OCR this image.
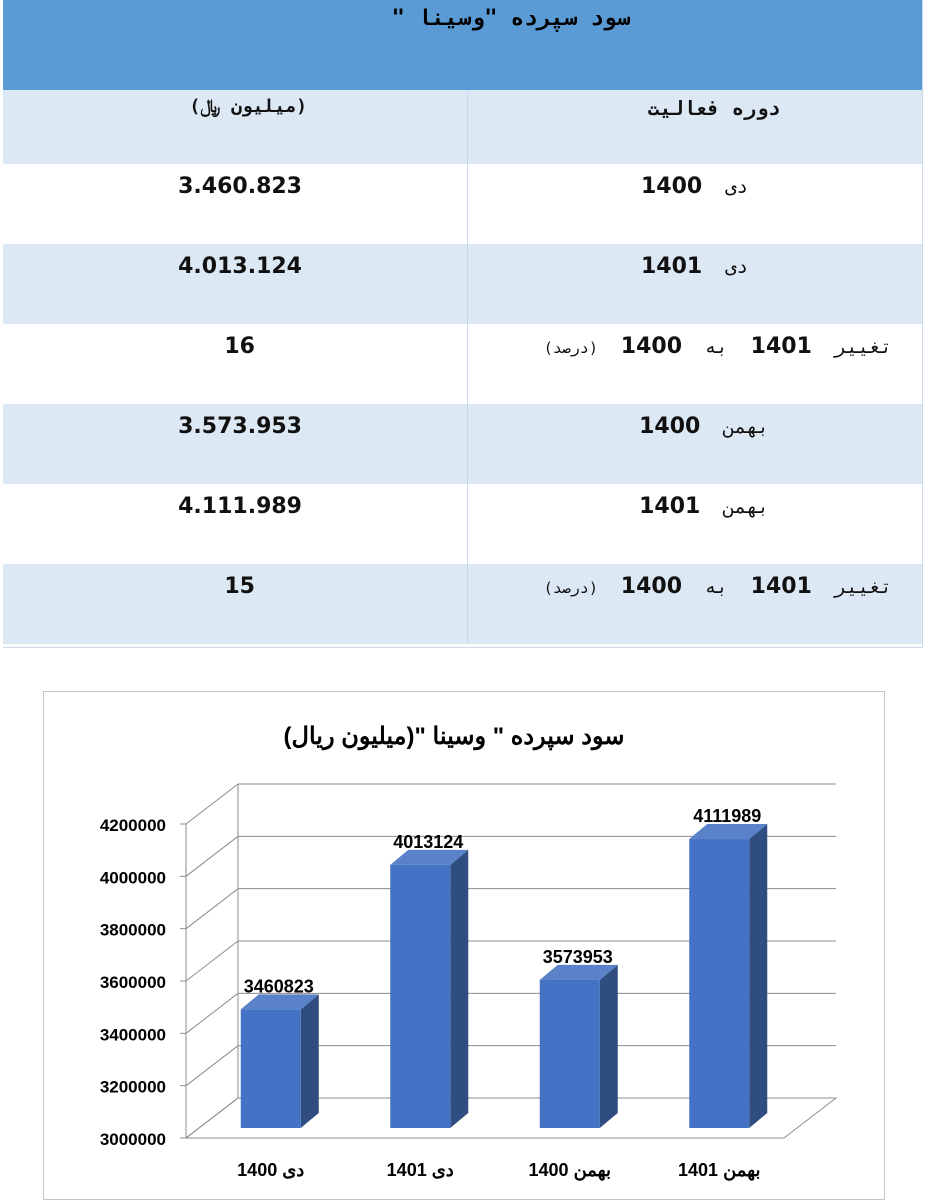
سود سپرده "وسینا "
دوره فعالیت
(میلیون ﷼)
دی  1400
3.460.823
دی  1401
4.013.124
تغییر  1401  به  1400  (درصد)
16
بهمن  1400
3.573.953
بهمن  1401
4.111.989
تغییر  1401  به  1400  (درصد)
15
سود سپرده " وسینا "(میلیون ریال)
3000000
3200000
3400000
3600000
3800000
4000000
4200000
3460823
دی 1400
4013124
دی 1401
3573953
بهمن 1400
4111989
بهمن 1401
